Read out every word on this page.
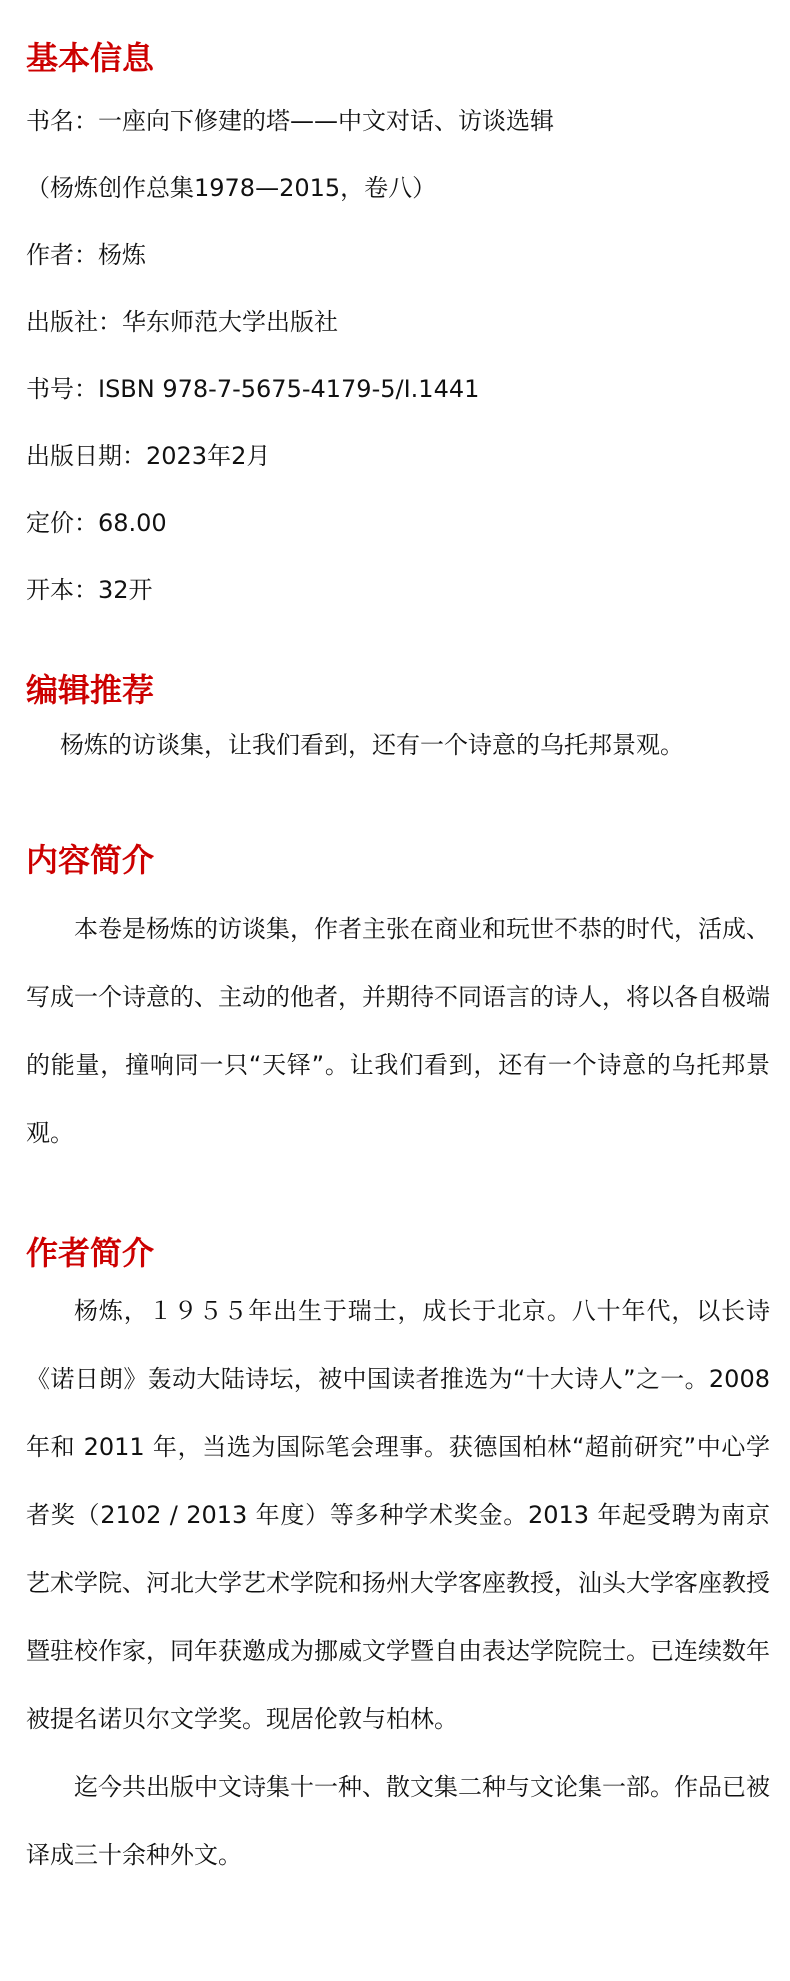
基本信息

书名：一座向下修建的塔——中文对话、访谈选辑

（杨炼创作总集1978—2015，卷八）

作者：杨炼

出版社：华东师范大学出版社

书号：ISBN 978-7-5675-4179-5/I.1441

出版日期：2023年2月

定价：68.00

开本：32开

编辑推荐

杨炼的访谈集，让我们看到，还有一个诗意的乌托邦景观。

内容简介

本卷是杨炼的访谈集，作者主张在商业和玩世不恭的时代，活成、写成一个诗意的、主动的他者，并期待不同语言的诗人，将以各自极端的能量，撞响同一只“天铎”。让我们看到，还有一个诗意的乌托邦景观。

作者简介

杨炼，１９５５年出生于瑞士，成长于北京。八十年代，以长诗《诺日朗》轰动大陆诗坛，被中国读者推选为“十大诗人”之一。2008 年和 2011 年，当选为国际笔会理事。获德国柏林“超前研究”中心学者奖（2102 / 2013 年度）等多种学术奖金。2013 年起受聘为南京艺术学院、河北大学艺术学院和扬州大学客座教授，汕头大学客座教授暨驻校作家，同年获邀成为挪威文学暨自由表达学院院士。已连续数年被提名诺贝尔文学奖。现居伦敦与柏林。

迄今共出版中文诗集十一种、散文集二种与文论集一部。作品已被译成三十余种外文。
